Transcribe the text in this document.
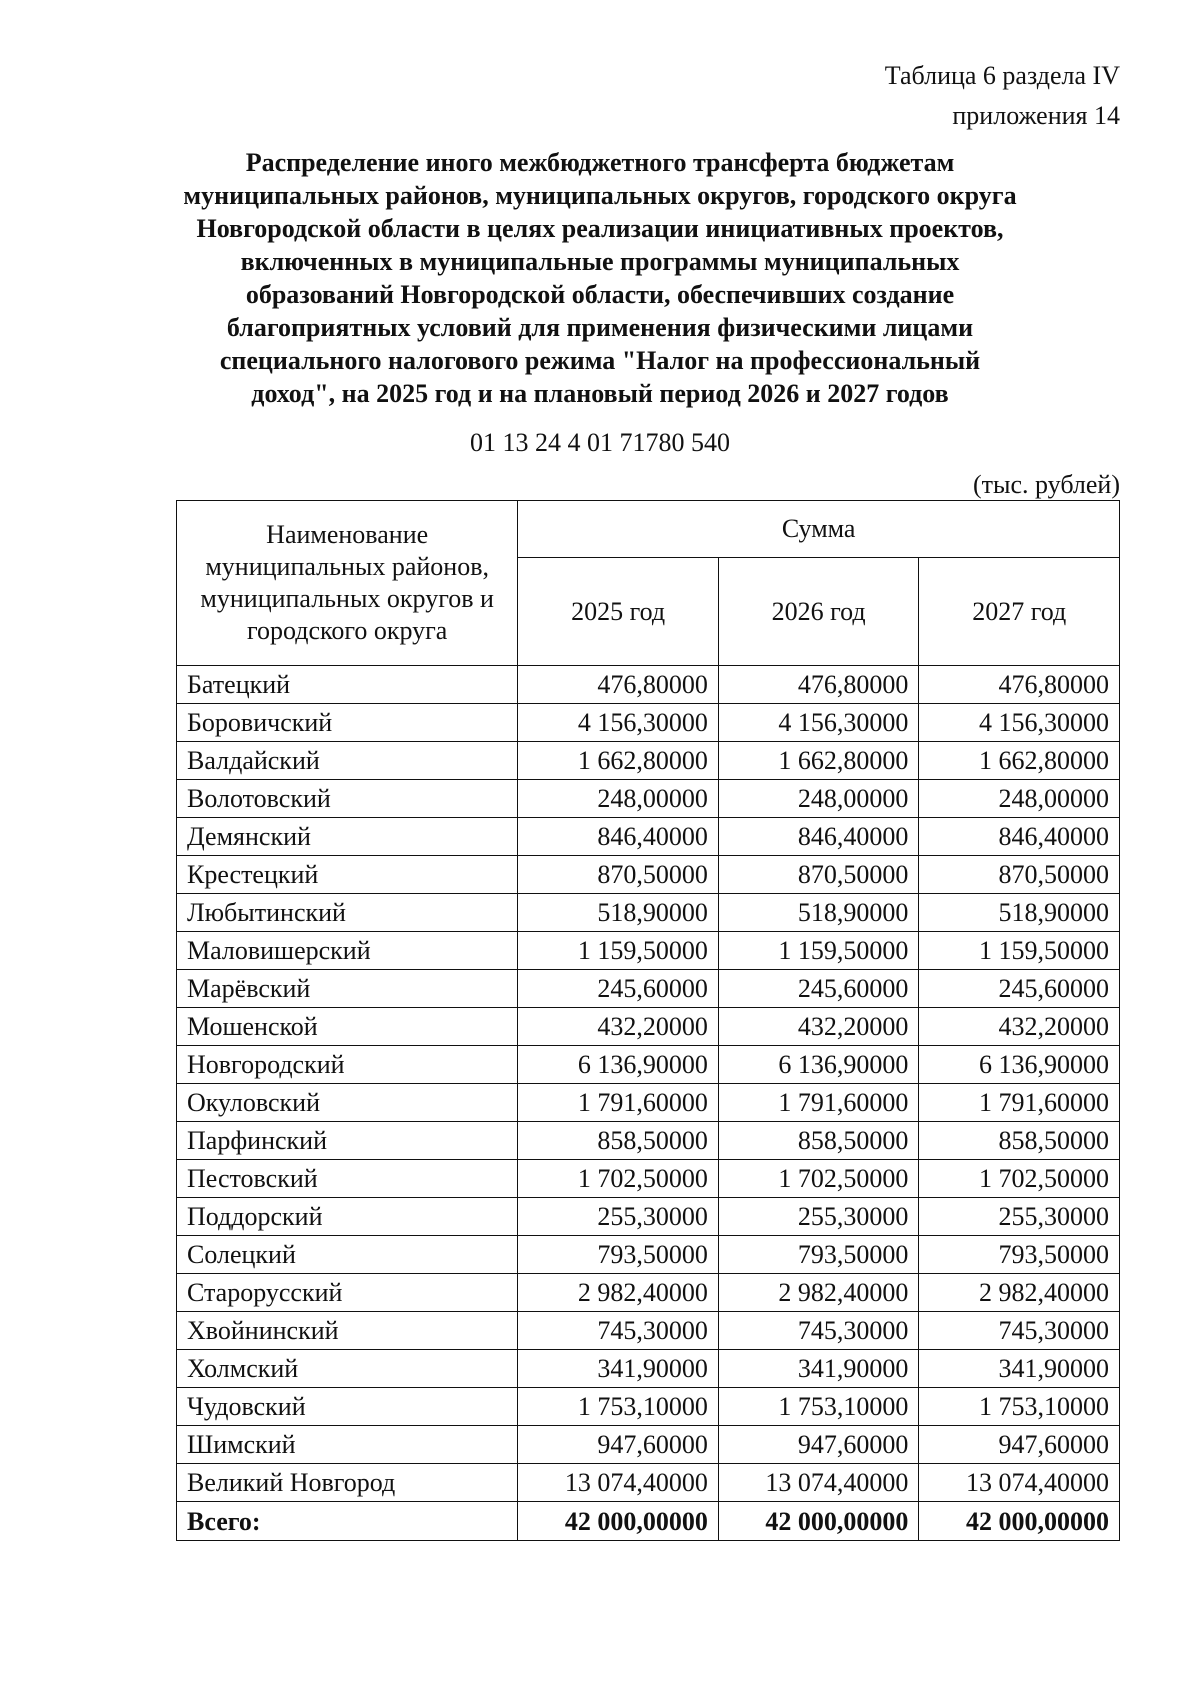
Таблица 6 раздела IV
приложения 14
Распределение иного межбюджетного трансферта бюджетам
муниципальных районов, муниципальных округов, городского округа
Новгородской области в целях реализации инициативных проектов,
включенных в муниципальные программы муниципальных
образований Новгородской области, обеспечивших создание
благоприятных условий для применения физическими лицами
специального налогового режима "Налог на профессиональный
доход", на 2025 год и на плановый период 2026 и 2027 годов
01 13 24 4 01 71780 540
(тыс. рублей)
Наименование
муниципальных районов,
муниципальных округов и
городского округа	Сумма		
	2025 год	2026 год	2027 год
Батецкий	476,80000	476,80000	476,80000
Боровичский	4 156,30000	4 156,30000	4 156,30000
Валдайский	1 662,80000	1 662,80000	1 662,80000
Волотовский	248,00000	248,00000	248,00000
Демянский	846,40000	846,40000	846,40000
Крестецкий	870,50000	870,50000	870,50000
Любытинский	518,90000	518,90000	518,90000
Маловишерский	1 159,50000	1 159,50000	1 159,50000
Марёвский	245,60000	245,60000	245,60000
Мошенской	432,20000	432,20000	432,20000
Новгородский	6 136,90000	6 136,90000	6 136,90000
Окуловский	1 791,60000	1 791,60000	1 791,60000
Парфинский	858,50000	858,50000	858,50000
Пестовский	1 702,50000	1 702,50000	1 702,50000
Поддорский	255,30000	255,30000	255,30000
Солецкий	793,50000	793,50000	793,50000
Старорусский	2 982,40000	2 982,40000	2 982,40000
Хвойнинский	745,30000	745,30000	745,30000
Холмский	341,90000	341,90000	341,90000
Чудовский	1 753,10000	1 753,10000	1 753,10000
Шимский	947,60000	947,60000	947,60000
Великий Новгород	13 074,40000	13 074,40000	13 074,40000
Всего:	42 000,00000	42 000,00000	42 000,00000
